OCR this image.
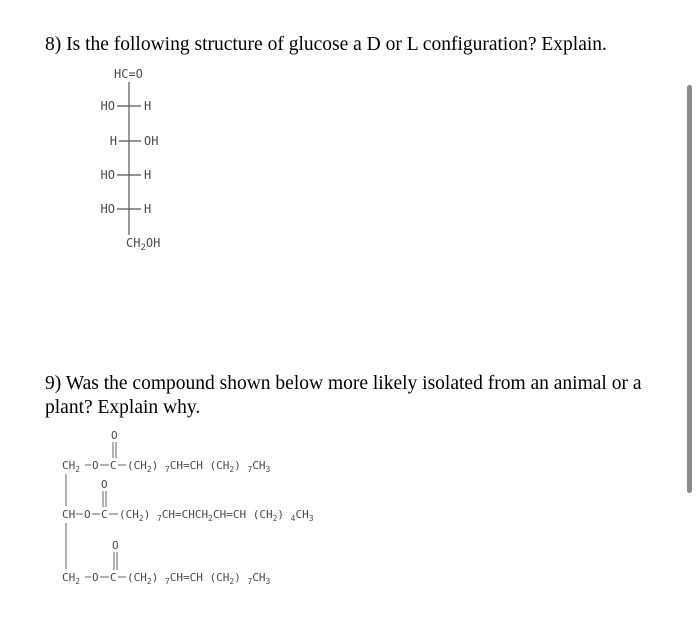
8) Is the following structure of glucose a D or L configuration? Explain.

HC=O
HO H
H OH
HO H
HO H
$CH_2OH$
O
O
O
$CH_2$ O C $(CH_2)$ $_7$CH=CH $(CH_2)$ $_7CH_3$
CH O C $(CH_2)$ $_7CH=CHCH_2CH=CH$ $(CH_2)$ $_4CH_3$
$CH_2$ O C $(CH_2)$ $_7$CH=CH $(CH_2)$ $_7CH_3$

9) Was the compound shown below more likely isolated from an animal or a
plant? Explain why.
